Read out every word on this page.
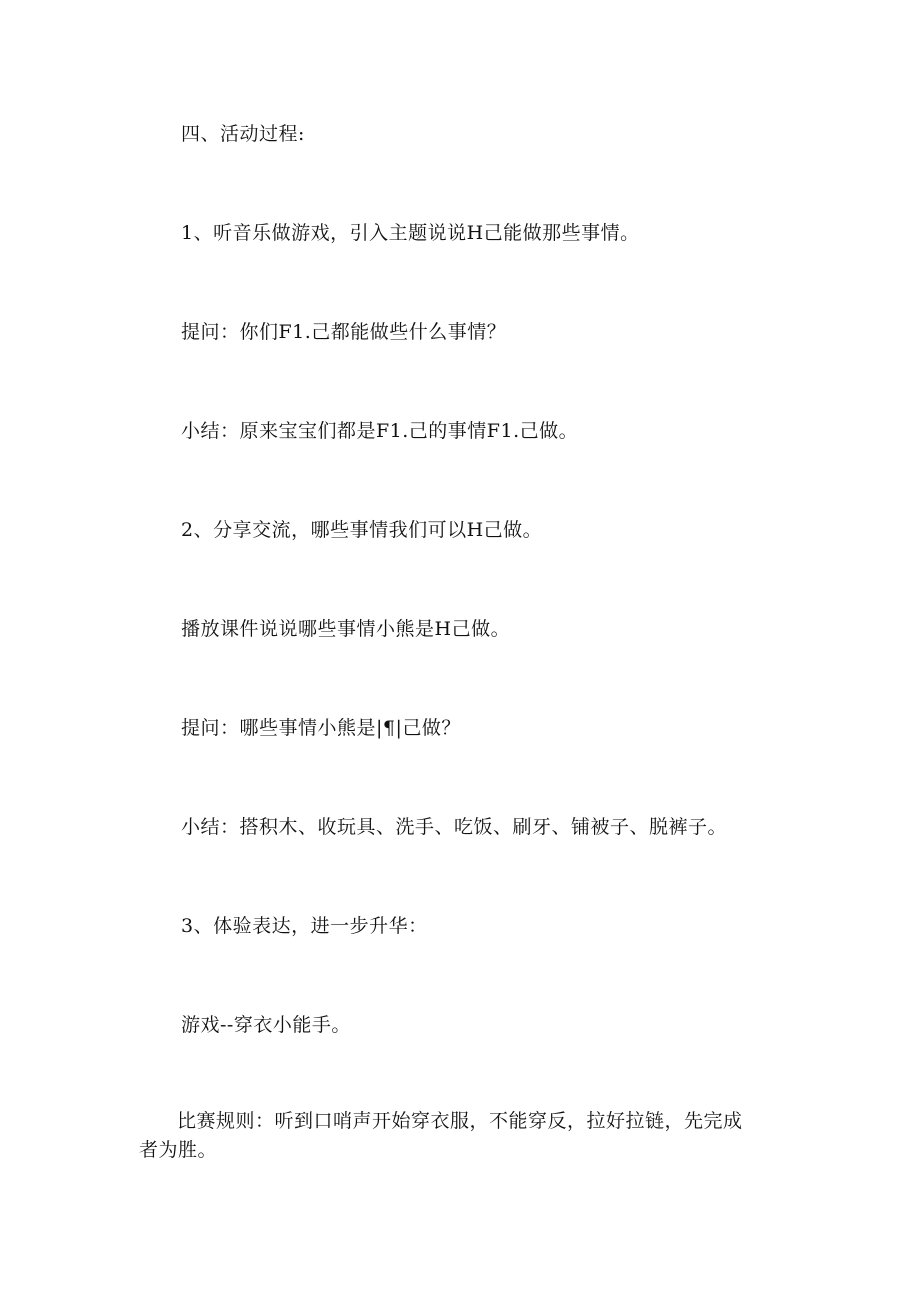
四、活动过程:
1、听音乐做游戏，引入主题说说H己能做那些事情。
提问：你们F1.己都能做些什么事情？
小结：原来宝宝们都是F1.己的事情F1.己做。
2、分享交流，哪些事情我们可以H己做。
播放课件说说哪些事情小熊是H己做。
提问：哪些事情小熊是|¶|己做？
小结：搭积木、收玩具、洗手、吃饭、刷牙、铺被子、脱裤子。
3、体验表达，进一步升华：
游戏--穿衣小能手。
比赛规则：听到口哨声开始穿衣服，不能穿反，拉好拉链，先完成者为胜。
